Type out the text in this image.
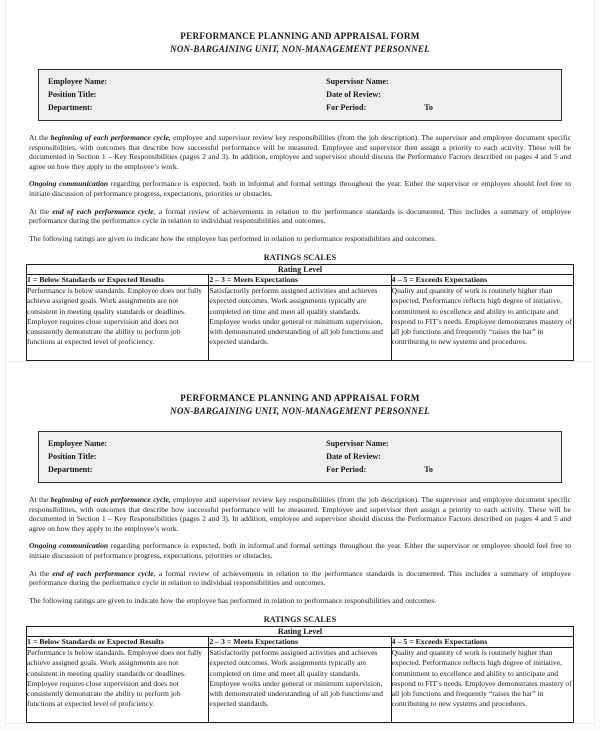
PERFORMANCE PLANNING AND APPRAISAL FORM
NON-BARGAINING UNIT, NON-MANAGEMENT PERSONNEL
Employee Name:	Supervisor Name:
Position Title:	Date of Review:
Department:	For Period:	To

At the beginning of each performance cycle, employee and supervisor review key responsibilities (from the job description). The supervisor and employee document specific responsibilities, with outcomes that describe how successful performance will be measured. Employee and supervisor then assign a priority to each activity. These will be documented in Section 1 – Key Responsibilities (pages 2 and 3). In addition, employee and supervisor should discuss the Performance Factors described on pages 4 and 5 and agree on how they apply to the employee’s work.

Ongoing communication regarding performance is expected, both in informal and formal settings throughout the year. Either the supervisor or employee should feel free to initiate discussion of performance progress, expectations, priorities or obstacles.

At the end of each performance cycle, a formal review of achievements in relation to the performance standards is documented. This includes a summary of employee performance during the performance cycle in relation to individual responsibilities and outcomes.

The following ratings are given to indicate how the employee has performed in relation to performance responsibilities and outcomes.

RATINGS SCALES
Rating Level		
1 = Below Standards or Expected Results	2 – 3 = Meets Expectations	4 – 5 = Exceeds Expectations
Performance is below standards. Employee does not fully achieve assigned goals. Work assignments are not consistent in meeting quality standards or deadlines. Employee requires close supervision and does not consistently demonstrate the ability to perform job functions at expected level of proficiency.	Satisfactorily performs assigned activities and achieves expected outcomes. Work assignments typically are completed on time and meet all quality standards. Employee works under general or minimum supervision, with demonstrated understanding of all job functions and expected standards.	Quality and quantity of work is routinely higher than expected. Performance reflects high degree of initiative, commitment to excellence and ability to anticipate and respond to FIT’s needs. Employee demonstrates mastery of all job functions and frequently “raises the bar” in contributing to new systems and procedures.
PERFORMANCE PLANNING AND APPRAISAL FORM
NON-BARGAINING UNIT, NON-MANAGEMENT PERSONNEL
Employee Name:	Supervisor Name:
Position Title:	Date of Review:
Department:	For Period:	To

At the beginning of each performance cycle, employee and supervisor review key responsibilities (from the job description). The supervisor and employee document specific responsibilities, with outcomes that describe how successful performance will be measured. Employee and supervisor then assign a priority to each activity. These will be documented in Section 1 – Key Responsibilities (pages 2 and 3). In addition, employee and supervisor should discuss the Performance Factors described on pages 4 and 5 and agree on how they apply to the employee’s work.

Ongoing communication regarding performance is expected, both in informal and formal settings throughout the year. Either the supervisor or employee should feel free to initiate discussion of performance progress, expectations, priorities or obstacles.

At the end of each performance cycle, a formal review of achievements in relation to the performance standards is documented. This includes a summary of employee performance during the performance cycle in relation to individual responsibilities and outcomes.

The following ratings are given to indicate how the employee has performed in relation to performance responsibilities and outcomes.

RATINGS SCALES
Rating Level		
1 = Below Standards or Expected Results	2 – 3 = Meets Expectations	4 – 5 = Exceeds Expectations
Performance is below standards. Employee does not fully achieve assigned goals. Work assignments are not consistent in meeting quality standards or deadlines. Employee requires close supervision and does not consistently demonstrate the ability to perform job functions at expected level of proficiency.	Satisfactorily performs assigned activities and achieves expected outcomes. Work assignments typically are completed on time and meet all quality standards. Employee works under general or minimum supervision, with demonstrated understanding of all job functions and expected standards.	Quality and quantity of work is routinely higher than expected. Performance reflects high degree of initiative, commitment to excellence and ability to anticipate and respond to FIT’s needs. Employee demonstrates mastery of all job functions and frequently “raises the bar” in contributing to new systems and procedures.
